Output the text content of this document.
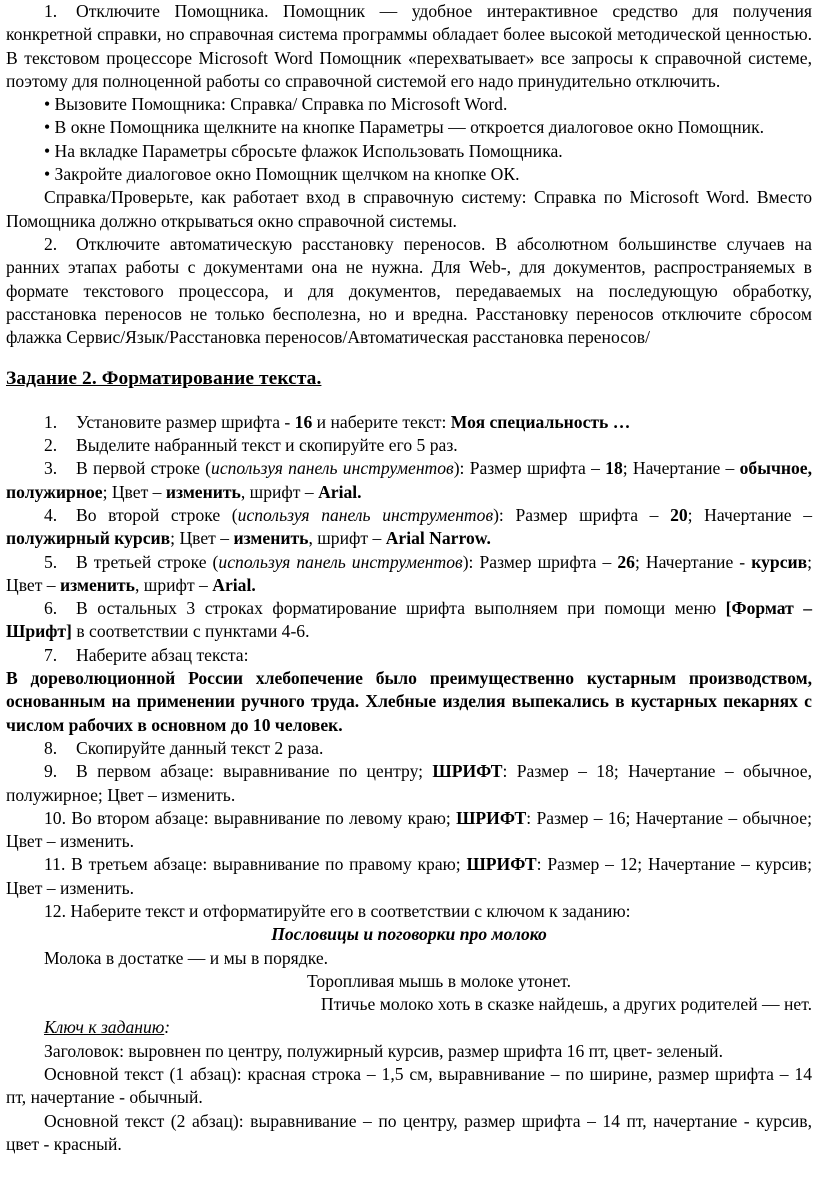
1. Отключите Помощника. Помощник — удобное интерактивное средство для получения конкретной справки, но справочная система программы обладает более высокой методической ценностью. В текстовом процессоре Microsoft Word Помощник «перехватывает» все запросы к справочной системе, поэтому для полноценной работы со справочной системой его надо принудительно отключить.

• Вызовите Помощника: Справка/ Справка по Microsoft Word.

• В окне Помощника щелкните на кнопке Параметры — откроется диалоговое окно Помощник.

• На вкладке Параметры сбросьте флажок Использовать Помощника.

• Закройте диалоговое окно Помощник щелчком на кнопке ОК.

Справка/Проверьте, как работает вход в справочную систему: Справка по Microsoft Word. Вместо Помощника должно открываться окно справочной системы.

2. Отключите автоматическую расстановку переносов. В абсолютном большинстве случаев на ранних этапах работы с документами она не нужна. Для Web-, для документов, распространяемых в формате текстового процессора, и для документов, передаваемых на последующую обработку, расстановка переносов не только бесполезна, но и вредна. Расстановку переносов отключите сбросом флажка Сервис/Язык/Расстановка переносов/Автоматическая расстановка переносов/

Задание 2. Форматирование текста.

1. Установите размер шрифта - 16 и наберите текст: Моя специальность …

2. Выделите набранный текст и скопируйте его 5 раз.

3. В первой строке (используя панель инструментов): Размер шрифта – 18; Начертание – обычное, полужирное; Цвет – изменить, шрифт – Arial.

4. Во второй строке (используя панель инструментов): Размер шрифта – 20; Начертание – полужирный курсив; Цвет – изменить, шрифт – Arial Narrow.

5. В третьей строке (используя панель инструментов): Размер шрифта – 26; Начертание - курсив; Цвет – изменить, шрифт – Arial.

6. В остальных 3 строках форматирование шрифта выполняем при помощи меню [Формат – Шрифт] в соответствии с пунктами 4-6.

7. Наберите абзац текста:

В дореволюционной России хлебопечение было преимущественно кустарным производством, основанным на применении ручного труда. Хлебные изделия выпекались в кустарных пекарнях с числом рабочих в основном до 10 человек.

8. Скопируйте данный текст 2 раза.

9. В первом абзаце: выравнивание по центру; ШРИФТ: Размер – 18; Начертание – обычное, полужирное; Цвет – изменить.

10. Во втором абзаце: выравнивание по левому краю; ШРИФТ: Размер – 16; Начертание – обычное; Цвет – изменить.

11. В третьем абзаце: выравнивание по правому краю; ШРИФТ: Размер – 12; Начертание – курсив; Цвет – изменить.

12. Наберите текст и отформатируйте его в соответствии с ключом к заданию:

Пословицы и поговорки про молоко

Молока в достатке — и мы в порядке.

Торопливая мышь в молоке утонет.

Птичье молоко хоть в сказке найдешь, а других родителей — нет.

Ключ к заданию:

Заголовок: выровнен по центру, полужирный курсив, размер шрифта 16 пт, цвет- зеленый.

Основной текст (1 абзац): красная строка – 1,5 см, выравнивание – по ширине, размер шрифта – 14 пт, начертание - обычный.

Основной текст (2 абзац): выравнивание – по центру, размер шрифта – 14 пт, начертание - курсив, цвет - красный.
